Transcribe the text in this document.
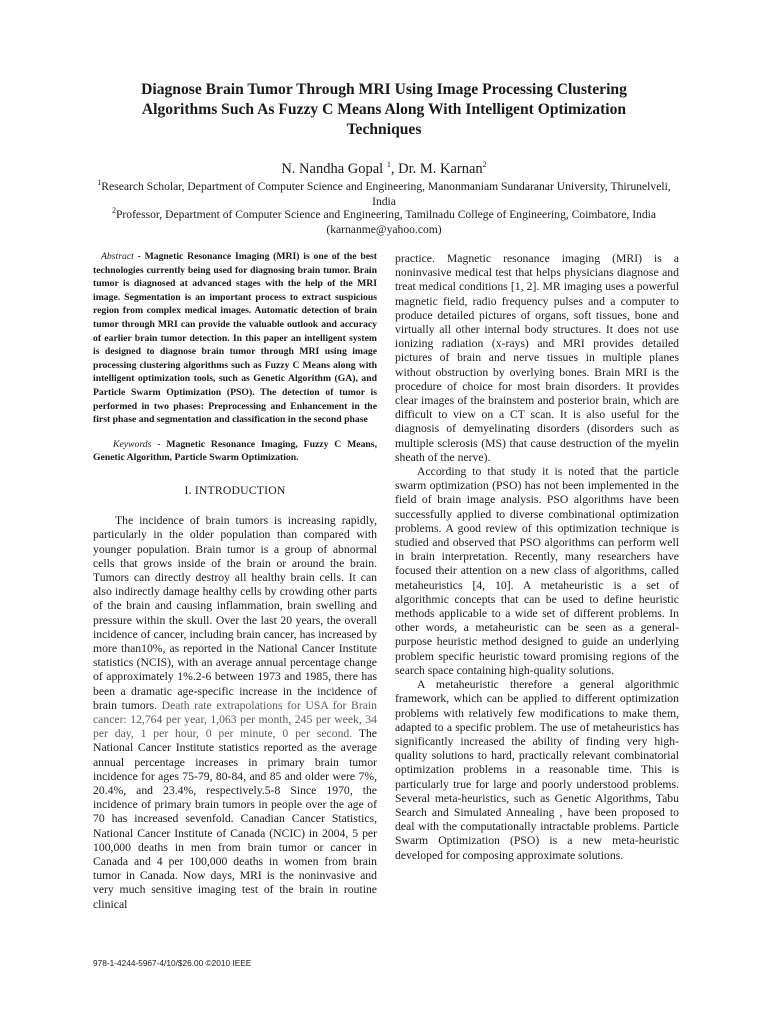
Diagnose Brain Tumor Through MRI Using Image Processing Clustering Algorithms Such As Fuzzy C Means Along With Intelligent Optimization Techniques
N. Nandha Gopal $^1$, Dr. M. Karnan$^2$
$^1$Research Scholar, Department of Computer Science and Engineering, Manonmaniam Sundaranar University, Thirunelveli, India
$^2$Professor, Department of Computer Science and Engineering, Tamilnadu College of Engineering, Coimbatore, India
(karnanme@yahoo.com)

Abstract - Magnetic Resonance Imaging (MRI) is one of the best technologies currently being used for diagnosing brain tumor. Brain tumor is diagnosed at advanced stages with the help of the MRI image. Segmentation is an important process to extract suspicious region from complex medical images. Automatic detection of brain tumor through MRI can provide the valuable outlook and accuracy of earlier brain tumor detection. In this paper an intelligent system is designed to diagnose brain tumor through MRI using image processing clustering algorithms such as Fuzzy C Means along with intelligent optimization tools, such as Genetic Algorithm (GA), and Particle Swarm Optimization (PSO). The detection of tumor is performed in two phases: Preprocessing and Enhancement in the first phase and segmentation and classification in the second phase

Keywords - Magnetic Resonance Imaging, Fuzzy C Means, Genetic Algorithm, Particle Swarm Optimization.

I. INTRODUCTION

The incidence of brain tumors is increasing rapidly, particularly in the older population than compared with younger population. Brain tumor is a group of abnormal cells that grows inside of the brain or around the brain. Tumors can directly destroy all healthy brain cells. It can also indirectly damage healthy cells by crowding other parts of the brain and causing inflammation, brain swelling and pressure within the skull. Over the last 20 years, the overall incidence of cancer, including brain cancer, has increased by more than10%, as reported in the National Cancer Institute statistics (NCIS), with an average annual percentage change of approximately 1%.2-6 between 1973 and 1985, there has been a dramatic age-specific increase in the incidence of brain tumors. Death rate extrapolations for USA for Brain cancer: 12,764 per year, 1,063 per month, 245 per week, 34 per day, 1 per hour, 0 per minute, 0 per second. The National Cancer Institute statistics reported as the average annual percentage increases in primary brain tumor incidence for ages 75-79, 80-84, and 85 and older were 7%, 20.4%, and 23.4%, respectively.5-8 Since 1970, the incidence of primary brain tumors in people over the age of 70 has increased sevenfold. Canadian Cancer Statistics, National Cancer Institute of Canada (NCIC) in 2004, 5 per 100,000 deaths in men from brain tumor or cancer in Canada and 4 per 100,000 deaths in women from brain tumor in Canada. Now days, MRI is the noninvasive and very much sensitive imaging test of the brain in routine clinical

practice. Magnetic resonance imaging (MRI) is a noninvasive medical test that helps physicians diagnose and treat medical conditions [1, 2]. MR imaging uses a powerful magnetic field, radio frequency pulses and a computer to produce detailed pictures of organs, soft tissues, bone and virtually all other internal body structures. It does not use ionizing radiation (x-rays) and MRI provides detailed pictures of brain and nerve tissues in multiple planes without obstruction by overlying bones. Brain MRI is the procedure of choice for most brain disorders. It provides clear images of the brainstem and posterior brain, which are difficult to view on a CT scan. It is also useful for the diagnosis of demyelinating disorders (disorders such as multiple sclerosis (MS) that cause destruction of the myelin sheath of the nerve).

According to that study it is noted that the particle swarm optimization (PSO) has not been implemented in the field of brain image analysis. PSO algorithms have been successfully applied to diverse combinational optimization problems. A good review of this optimization technique is studied and observed that PSO algorithms can perform well in brain interpretation. Recently, many researchers have focused their attention on a new class of algorithms, called metaheuristics [4, 10]. A metaheuristic is a set of algorithmic concepts that can be used to define heuristic methods applicable to a wide set of different problems. In other words, a metaheuristic can be seen as a general-purpose heuristic method designed to guide an underlying problem specific heuristic toward promising regions of the search space containing high-quality solutions.

A metaheuristic therefore a general algorithmic framework, which can be applied to different optimization problems with relatively few modifications to make them, adapted to a specific problem. The use of metaheuristics has significantly increased the ability of finding very high-quality solutions to hard, practically relevant combinatorial optimization problems in a reasonable time. This is particularly true for large and poorly understood problems. Several meta-heuristics, such as Genetic Algorithms, Tabu Search and Simulated Annealing , have been proposed to deal with the computationally intractable problems. Particle Swarm Optimization (PSO) is a new meta-heuristic developed for composing approximate solutions.

978-1-4244-5967-4/10/$26.00 ©2010 IEEE
